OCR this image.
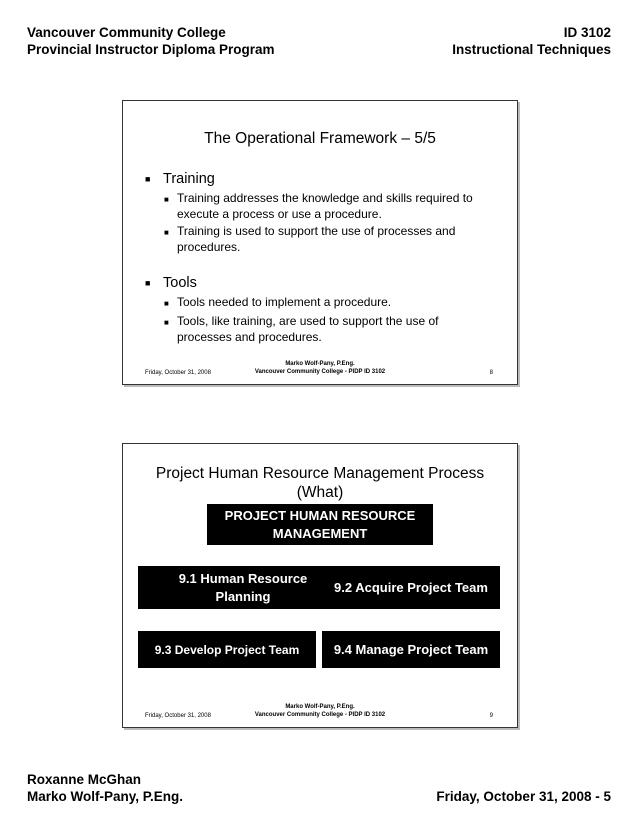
Vancouver Community College
Provincial Instructor Diploma Program
ID 3102
Instructional Techniques
The Operational Framework – 5/5
■ Training
■ Training addresses the knowledge and skills required to execute a process or use a procedure.
■ Training is used to support the use of processes and procedures.
■ Tools
■ Tools needed to implement a procedure.
■ Tools, like training, are used to support the use of processes and procedures.
Friday, October 31, 2008
Marko Wolf-Pany, P.Eng.
Vancouver Community College - PIDP ID 3102	8
Project Human Resource Management Process (What)
PROJECT HUMAN RESOURCE MANAGEMENT
9.1 Human Resource Planning
9.2 Acquire Project Team
9.3 Develop Project Team	9.4 Manage Project Team
Friday, October 31, 2008
Marko Wolf-Pany, P.Eng.
Vancouver Community College - PIDP ID 3102	9
Roxanne McGhan
Marko Wolf-Pany, P.Eng.	Friday, October 31, 2008 - 5
